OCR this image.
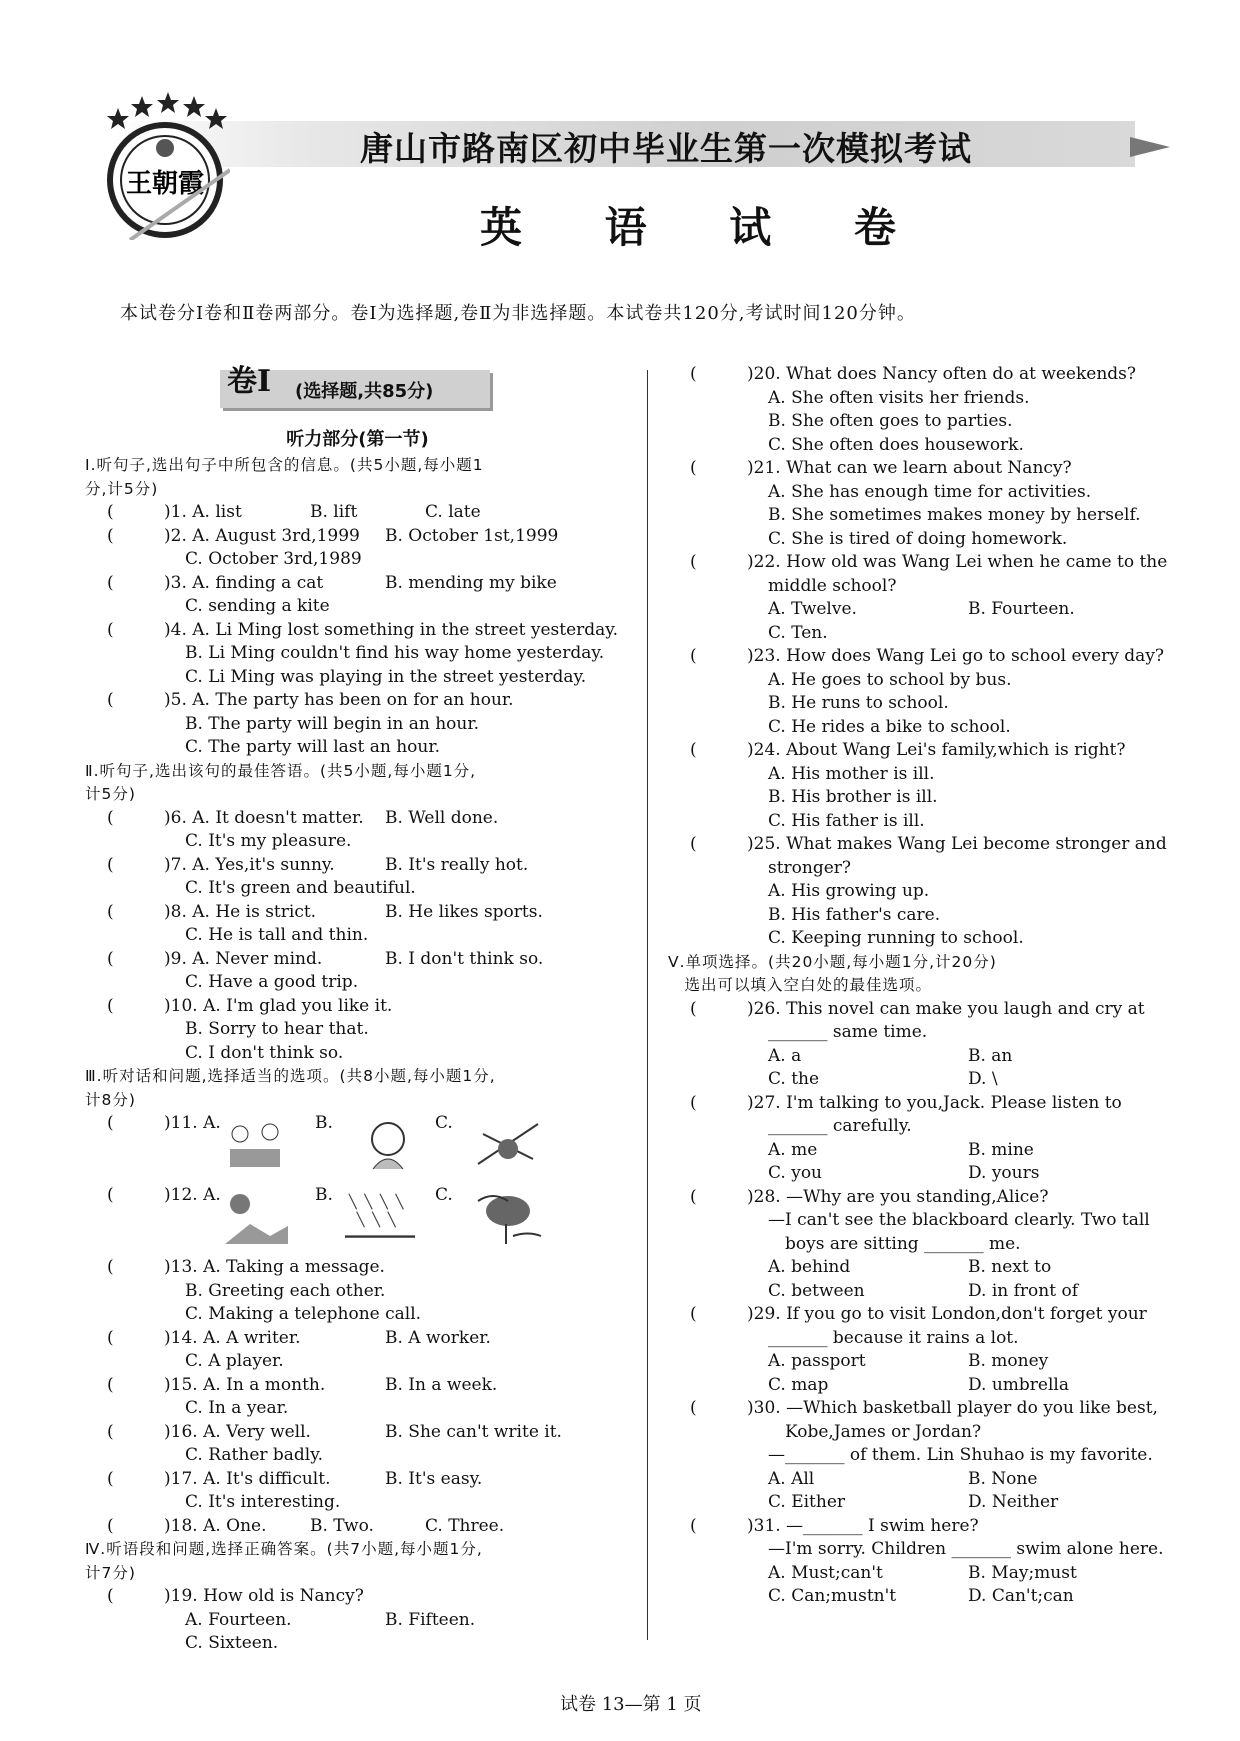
王朝霞
唐山市路南区初中毕业生第一次模拟考试
英 语 试 卷
本试卷分Ⅰ卷和Ⅱ卷两部分。卷Ⅰ为选择题,卷Ⅱ为非选择题。本试卷共120分,考试时间120分钟。
卷Ⅰ (选择题,共85分)
听力部分(第一节)
Ⅰ.听句子,选出句子中所包含的信息。(共5小题,每小题1
分,计5分)
( 　)1. A. list	B. lift	C. late
( 　)2. A. August 3rd,1999 B. October 1st,1999
C. October 3rd,1989
( 　)3. A. finding a cat	B. mending my bike
C. sending a kite
( 　)4. A. Li Ming lost something in the street yesterday.
B. Li Ming couldn't find his way home yesterday.
C. Li Ming was playing in the street yesterday.
( 　)5. A. The party has been on for an hour.
B. The party will begin in an hour.
C. The party will last an hour.
Ⅱ.听句子,选出该句的最佳答语。(共5小题,每小题1分,
计5分)
( 　)6. A. It doesn't matter. B. Well done.
C. It's my pleasure.
( 　)7. A. Yes,it's sunny.	B. It's really hot.
C. It's green and beautiful.
( 　)8. A. He is strict.	B. He likes sports.
C. He is tall and thin.
( 　)9. A. Never mind.	B. I don't think so.
C. Have a good trip.
( 　)10. A. I'm glad you like it.
B. Sorry to hear that.
C. I don't think so.
Ⅲ.听对话和问题,选择适当的选项。(共8小题,每小题1分,
计8分)
( 　)11. A.	B.	C.
( 　)12. A.	B.	C.
( 　)13. A. Taking a message.
B. Greeting each other.
C. Making a telephone call.
( 　)14. A. A writer.	B. A worker.
C. A player.
( 　)15. A. In a month.	B. In a week.
C. In a year.
( 　)16. A. Very well.	B. She can't write it.
C. Rather badly.
( 　)17. A. It's difficult.	B. It's easy.
C. It's interesting.
( 　)18. A. One.	B. Two.	C. Three.
Ⅳ.听语段和问题,选择正确答案。(共7小题,每小题1分,
计7分)
( 　)19. How old is Nancy?
A. Fourteen.	B. Fifteen.
C. Sixteen.
( 　)20. What does Nancy often do at weekends?
A. She often visits her friends.
B. She often goes to parties.
C. She often does housework.
( 　)21. What can we learn about Nancy?
A. She has enough time for activities.
B. She sometimes makes money by herself.
C. She is tired of doing homework.
( 　)22. How old was Wang Lei when he came to the
middle school?
A. Twelve.	B. Fourteen.
C. Ten.
( 　)23. How does Wang Lei go to school every day?
A. He goes to school by bus.
B. He runs to school.
C. He rides a bike to school.
( 　)24. About Wang Lei's family,which is right?
A. His mother is ill.
B. His brother is ill.
C. His father is ill.
( 　)25. What makes Wang Lei become stronger and
stronger?
A. His growing up.
B. His father's care.
C. Keeping running to school.
Ⅴ.单项选择。(共20小题,每小题1分,计20分)
　选出可以填入空白处的最佳选项。
( 　)26. This novel can make you laugh and cry at
_______ same time.
A. a	B. an
C. the	D. \
( 　)27. I'm talking to you,Jack. Please listen to
_______ carefully.
A. me	B. mine
C. you	D. yours
( 　)28. —Why are you standing,Alice?
—I can't see the blackboard clearly. Two tall
　boys are sitting _______ me.
A. behind	B. next to
C. between	D. in front of
( 　)29. If you go to visit London,don't forget your
_______ because it rains a lot.
A. passport	B. money
C. map	D. umbrella
( 　)30. —Which basketball player do you like best,
　Kobe,James or Jordan?
—_______ of them. Lin Shuhao is my favorite.
A. All	B. None
C. Either	D. Neither
( 　)31. —_______ I swim here?
—I'm sorry. Children _______ swim alone here.
A. Must;can't	B. May;must
C. Can;mustn't	D. Can't;can
试卷 13—第 1 页
